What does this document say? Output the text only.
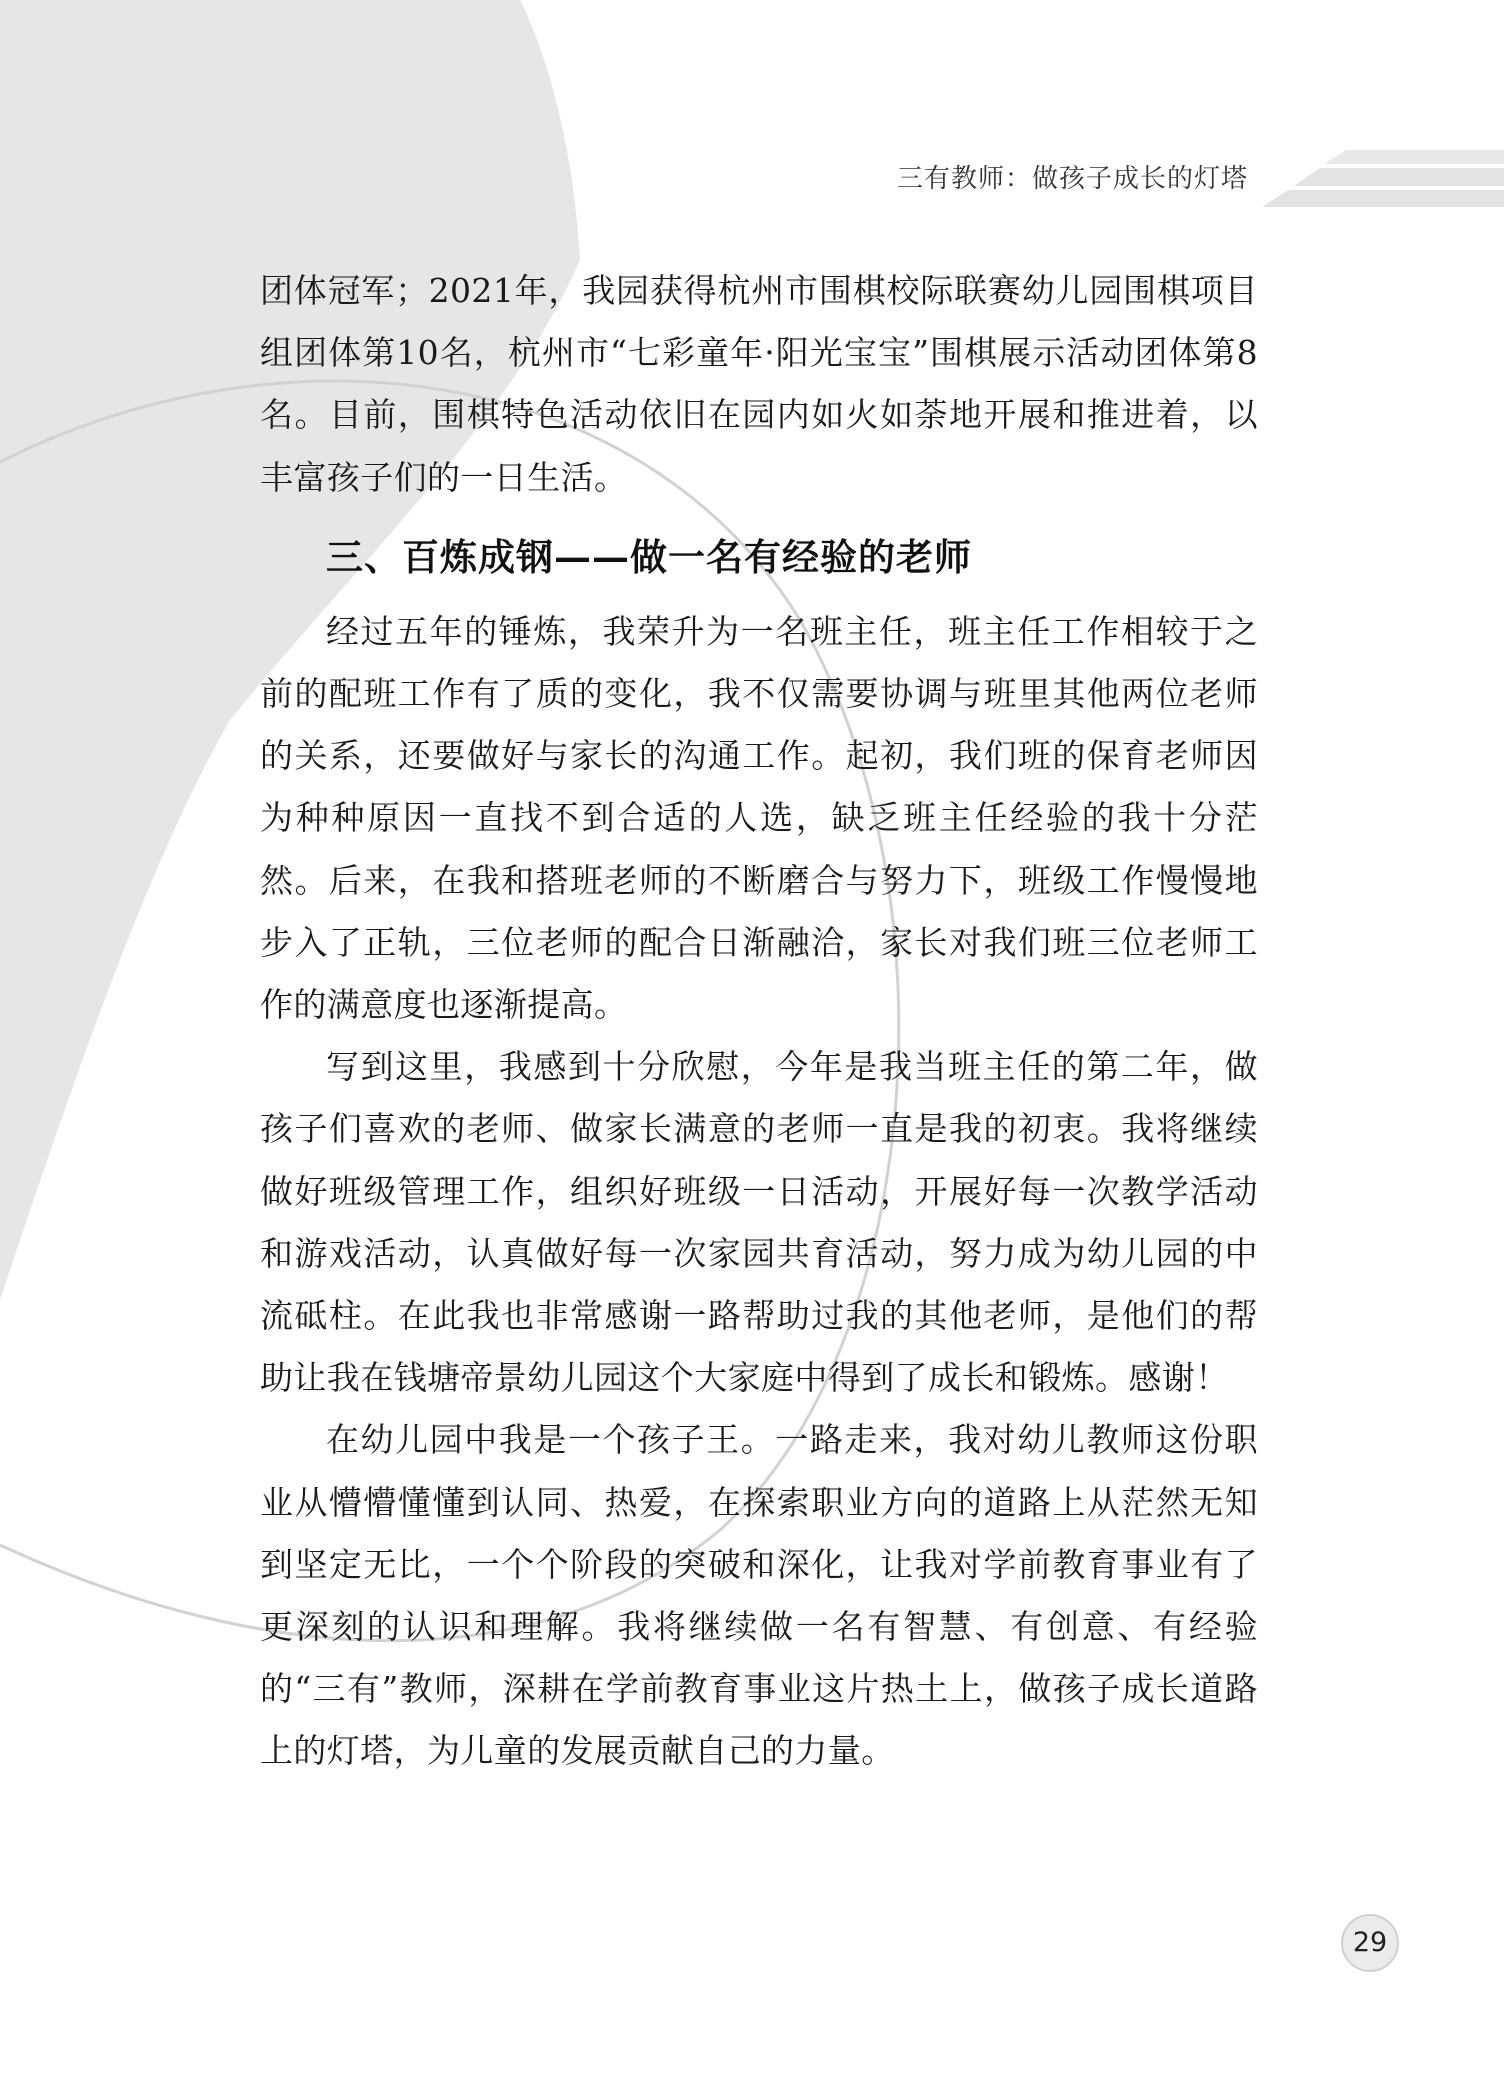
三有教师：做孩子成长的灯塔

团体冠军；2021年，我园获得杭州市围棋校际联赛幼儿园围棋项目组团体第10名，杭州市“七彩童年·阳光宝宝”围棋展示活动团体第8名。目前，围棋特色活动依旧在园内如火如荼地开展和推进着，以丰富孩子们的一日生活。

三、百炼成钢——做一名有经验的老师

经过五年的锤炼，我荣升为一名班主任，班主任工作相较于之前的配班工作有了质的变化，我不仅需要协调与班里其他两位老师的关系，还要做好与家长的沟通工作。起初，我们班的保育老师因为种种原因一直找不到合适的人选，缺乏班主任经验的我十分茫然。后来，在我和搭班老师的不断磨合与努力下，班级工作慢慢地步入了正轨，三位老师的配合日渐融洽，家长对我们班三位老师工作的满意度也逐渐提高。

写到这里，我感到十分欣慰，今年是我当班主任的第二年，做孩子们喜欢的老师、做家长满意的老师一直是我的初衷。我将继续做好班级管理工作，组织好班级一日活动，开展好每一次教学活动和游戏活动，认真做好每一次家园共育活动，努力成为幼儿园的中流砥柱。在此我也非常感谢一路帮助过我的其他老师，是他们的帮助让我在钱塘帝景幼儿园这个大家庭中得到了成长和锻炼。感谢！

在幼儿园中我是一个孩子王。一路走来，我对幼儿教师这份职业从懵懵懂懂到认同、热爱，在探索职业方向的道路上从茫然无知到坚定无比，一个个阶段的突破和深化，让我对学前教育事业有了更深刻的认识和理解。我将继续做一名有智慧、有创意、有经验的“三有”教师，深耕在学前教育事业这片热土上，做孩子成长道路上的灯塔，为儿童的发展贡献自己的力量。

29
